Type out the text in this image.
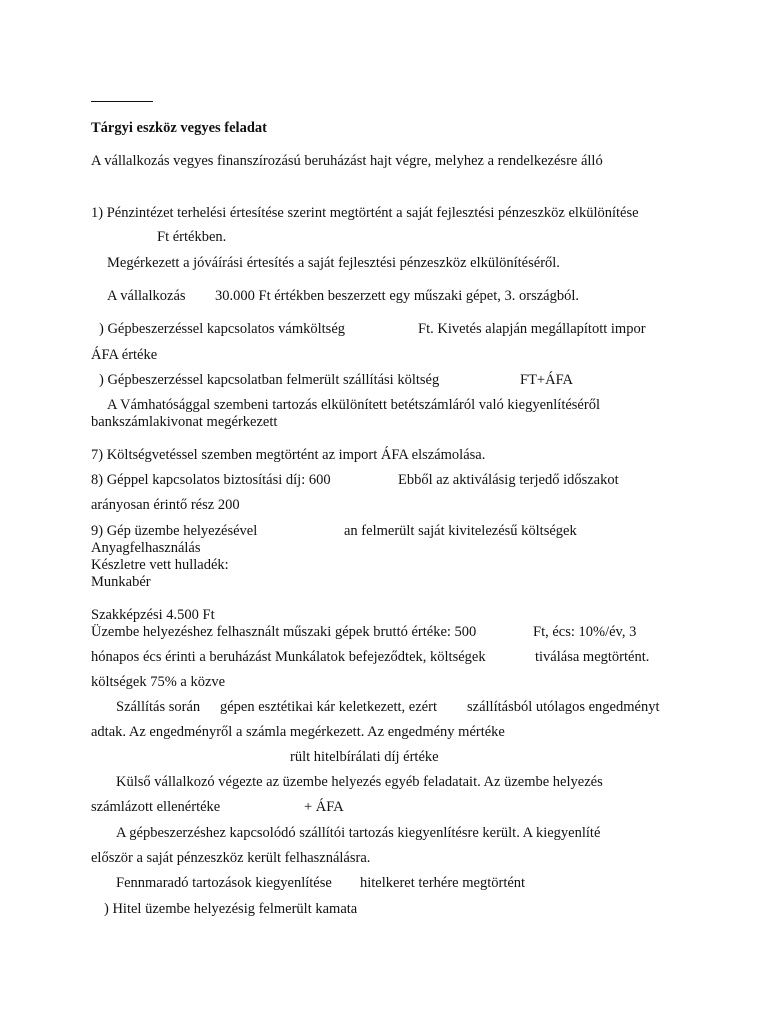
Tárgyi eszköz vegyes feladat
A vállalkozás vegyes finanszírozású beruházást hajt végre, melyhez a rendelkezésre álló
1) Pénzintézet terhelési értesítése szerint megtörtént a saját fejlesztési pénzeszköz elkülönítése
Ft értékben.
Megérkezett a jóváírási értesítés a saját fejlesztési pénzeszköz elkülönítéséről.
A vállalkozás 30.000 Ft értékben beszerzett egy műszaki gépet, 3. országból.
) Gépbeszerzéssel kapcsolatos vámköltség	Ft. Kivetés alapján megállapított impor
ÁFA értéke
) Gépbeszerzéssel kapcsolatban felmerült szállítási költség	FT+ÁFA
A Vámhatósággal szembeni tartozás elkülönített betétszámláról való kiegyenlítéséről
bankszámlakivonat megérkezett
7) Költségvetéssel szemben megtörtént az import ÁFA elszámolása.
8) Géppel kapcsolatos biztosítási díj: 600	Ebből az aktiválásig terjedő időszakot
arányosan érintő rész 200
9) Gép üzembe helyezésével	an felmerült saját kivitelezésű költségek
Anyagfelhasználás
Készletre vett hulladék:
Munkabér
Szakképzési 4.500 Ft
Üzembe helyezéshez felhasznált műszaki gépek bruttó értéke: 500	Ft, écs: 10%/év, 3
hónapos écs érinti a beruházást Munkálatok befejeződtek, költségek	tiválása megtörtént.
költségek 75% a közve
Szállítás során gépen esztétikai kár keletkezett, ezért szállításból utólagos engedményt
adtak. Az engedményről a számla megérkezett. Az engedmény mértéke
rült hitelbírálati díj értéke
Külső vállalkozó végezte az üzembe helyezés egyéb feladatait. Az üzembe helyezés
számlázott ellenértéke	+ ÁFA
A gépbeszerzéshez kapcsolódó szállítói tartozás kiegyenlítésre került. A kiegyenlíté
először a saját pénzeszköz került felhasználásra.
Fennmaradó tartozások kiegyenlítése hitelkeret terhére megtörtént
) Hitel üzembe helyezésig felmerült kamata
